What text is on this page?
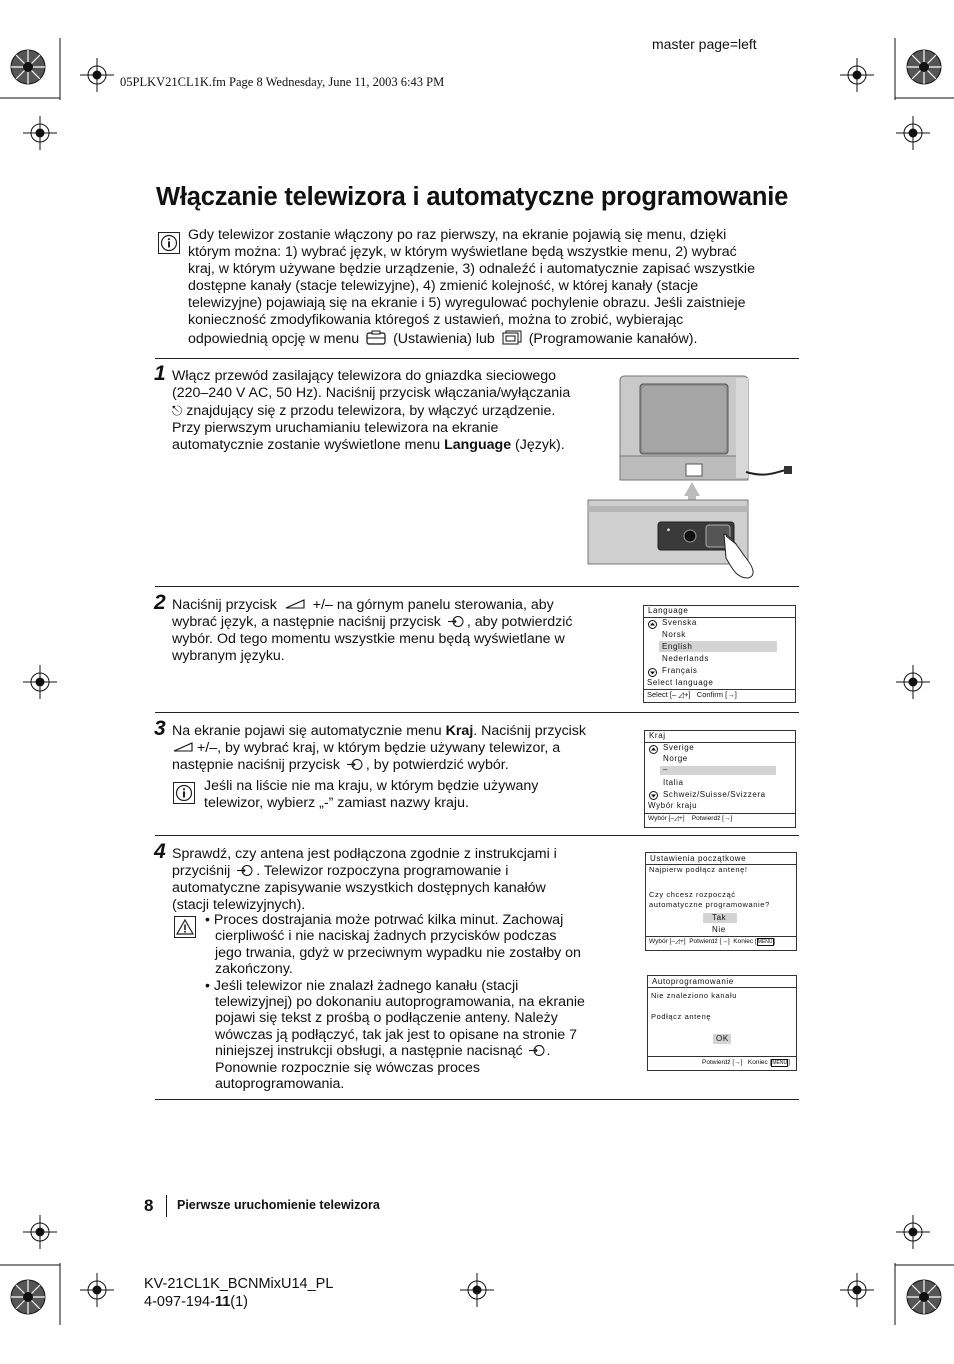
master page=left
05PLKV21CL1K.fm Page 8 Wednesday, June 11, 2003 6:43 PM
Włączanie telewizora i automatyczne programowanie
Gdy telewizor zostanie włączony po raz pierwszy, na ekranie pojawią się menu, dzięki
którym można: 1) wybrać język, w którym wyświetlane będą wszystkie menu, 2) wybrać
kraj, w którym używane będzie urządzenie, 3) odnaleźć i automatycznie zapisać wszystkie
dostępne kanały (stacje telewizyjne), 4) zmienić kolejność, w której kanały (stacje
telewizyjne) pojawiają się na ekranie i 5) wyregulować pochylenie obrazu. Jeśli zaistnieje
konieczność zmodyfikowania któregoś z ustawień, można to zrobić, wybierając
odpowiednią opcję w menu (Ustawienia) lub (Programowanie kanałów).
1 Włącz przewód zasilający telewizora do gniazdka sieciowego
(220–240 V AC, 50 Hz). Naciśnij przycisk włączania/wyłączania
⎋ znajdujący się z przodu telewizora, by włączyć urządzenie.
Przy pierwszym uruchamianiu telewizora na ekranie
automatycznie zostanie wyświetlone menu Language (Język).
⚫
2 Naciśnij przycisk	+/– na górnym panelu sterowania, aby
wybrać język, a następnie naciśnij przycisk , aby potwierdzić
wybór. Od tego momentu wszystkie menu będą wyświetlane w
wybranym języku.
Language
Svenska
Norsk
English
Nederlands
Français
Select language
Select [– ◿+] Confirm [→]
3 Na ekranie pojawi się automatycznie menu Kraj. Naciśnij przycisk
+/–, by wybrać kraj, w którym będzie używany telewizor, a
następnie naciśnij przycisk , by potwierdzić wybór.
Jeśli na liście nie ma kraju, w którym będzie używany
telewizor, wybierz „-” zamiast nazwy kraju.
Kraj
Sverige
Norge
–
Italia
Schweiz/Suisse/Svizzera
Wybór kraju
Wybór [–◿+] Potwierdź [→]
4 Sprawdź, czy antena jest podłączona zgodnie z instrukcjami i
przyciśnij . Telewizor rozpoczyna programowanie i
automatyczne zapisywanie wszystkich dostępnych kanałów
(stacji telewizyjnych).
• Proces dostrajania może potrwać kilka minut. Zachowaj
cierpliwość i nie naciskaj żadnych przycisków podczas
jego trwania, gdyż w przeciwnym wypadku nie zostałby on
zakończony.
• Jeśli telewizor nie znalazł żadnego kanału (stacji
telewizyjnej) po dokonaniu autoprogramowania, na ekranie
pojawi się tekst z prośbą o podłączenie anteny. Należy
wówczas ją podłączyć, tak jak jest to opisane na stronie 7
niniejszej instrukcji obsługi, a następnie nacisnąć .
Ponownie rozpocznie się wówczas proces
autoprogramowania.
Ustawienia początkowe
Najpierw podłącz antenę!
Czy chcesz rozpocząć
automatyczne programowanie?
Tak
Nie
Wybór [–◿+] Potwierdź [→] Koniec [MENU]
Autoprogramowanie
Nie znaleziono kanału
Podłącz antenę
OK
Potwierdź [→] Koniec [MENU]
8 Pierwsze uruchomienie telewizora
KV-21CL1K_BCNMixU14_PL
4-097-194-11(1)
